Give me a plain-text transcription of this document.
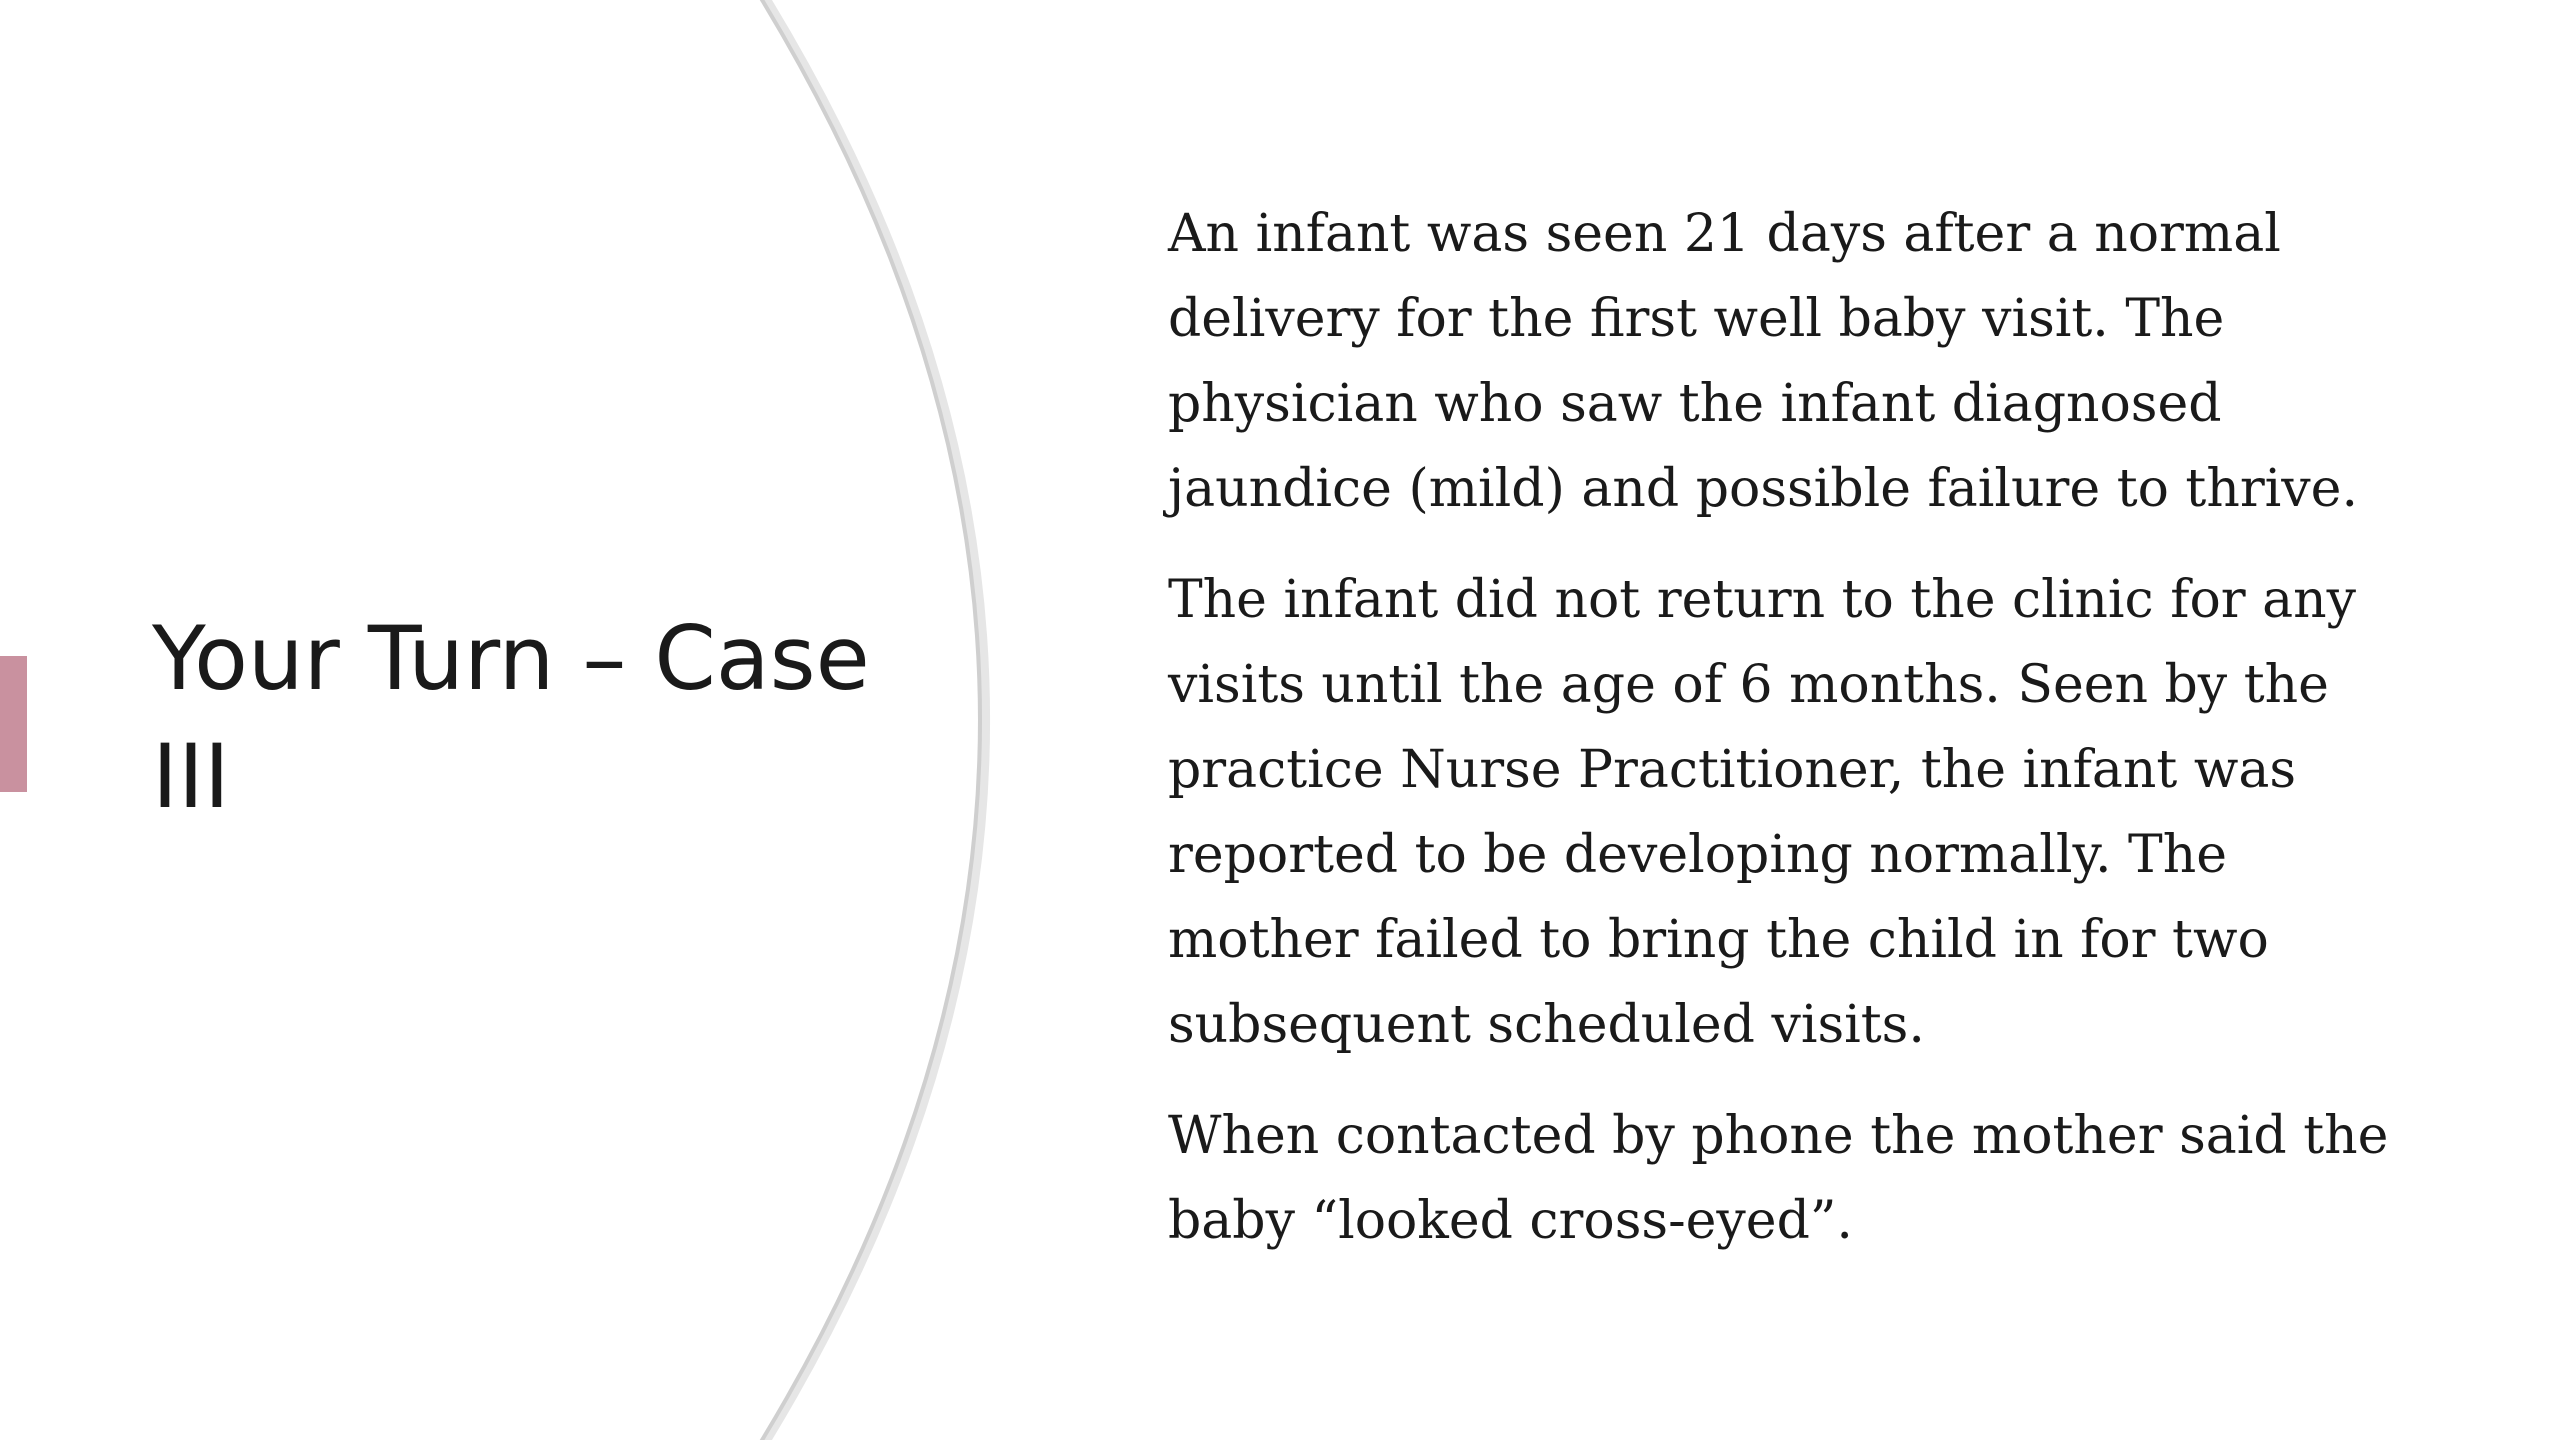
Your Turn – Case III

An infant was seen 21 days after a normal delivery for the first well baby visit. The physician who saw the infant diagnosed jaundice (mild) and possible failure to thrive.

The infant did not return to the clinic for any visits until the age of 6 months. Seen by the practice Nurse Practitioner, the infant was reported to be developing normally. The mother failed to bring the child in for two subsequent scheduled visits.

When contacted by phone the mother said the baby “looked cross-eyed”.
